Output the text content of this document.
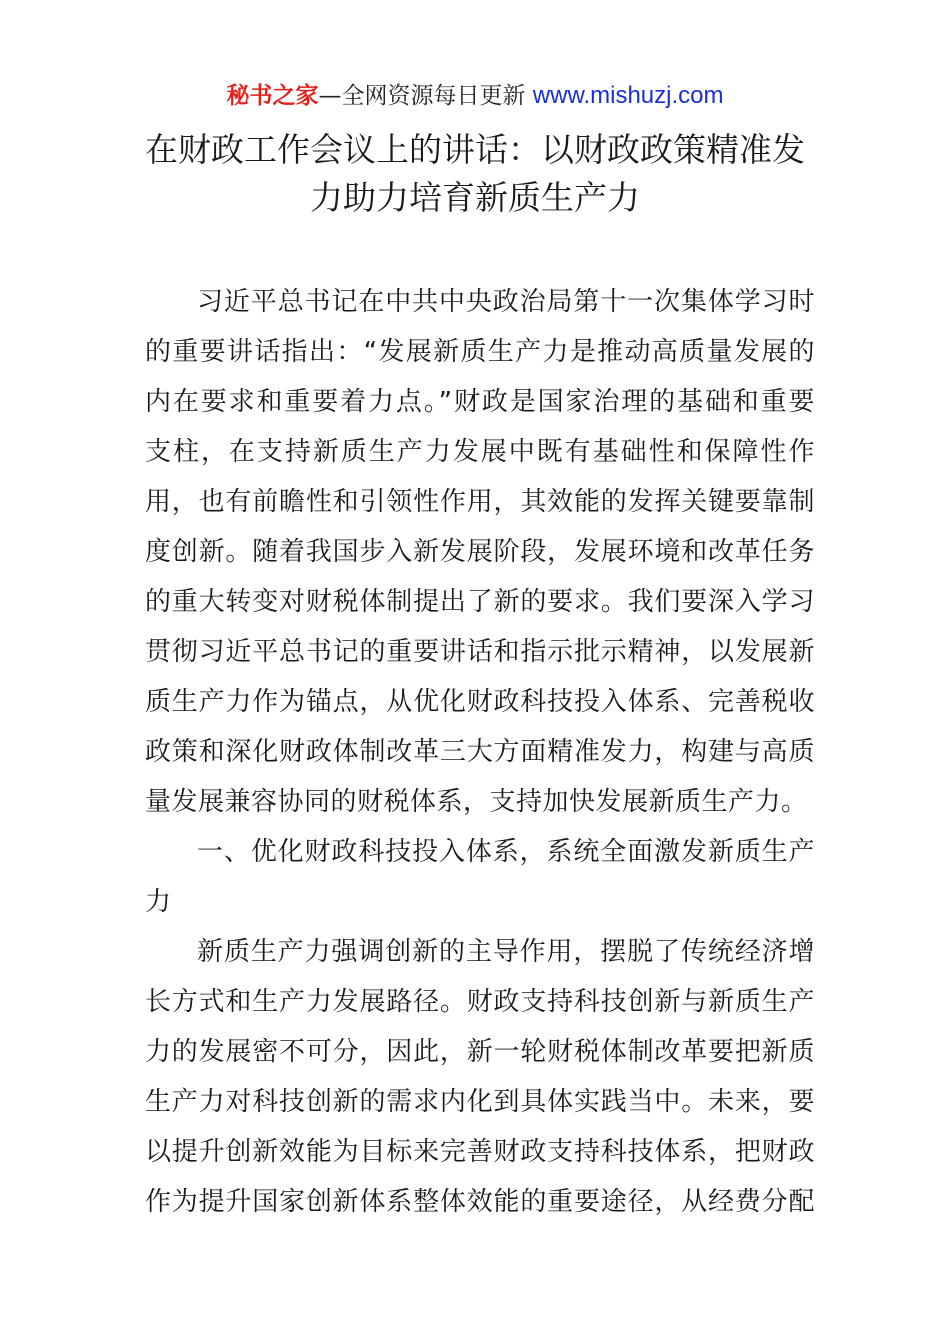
秘书之家—全网资源每日更新 www.mishuzj.com
在财政工作会议上的讲话：以财政政策精准发
力助力培育新质生产力
习近平总书记在中共中央政治局第十一次集体学习时
的重要讲话指出：“发展新质生产力是推动高质量发展的
内在要求和重要着力点。”财政是国家治理的基础和重要
支柱，在支持新质生产力发展中既有基础性和保障性作
用，也有前瞻性和引领性作用，其效能的发挥关键要靠制
度创新。随着我国步入新发展阶段，发展环境和改革任务
的重大转变对财税体制提出了新的要求。我们要深入学习
贯彻习近平总书记的重要讲话和指示批示精神，以发展新
质生产力作为锚点，从优化财政科技投入体系、完善税收
政策和深化财政体制改革三大方面精准发力，构建与高质
量发展兼容协同的财税体系，支持加快发展新质生产力。
一、优化财政科技投入体系，系统全面激发新质生产
力
新质生产力强调创新的主导作用，摆脱了传统经济增
长方式和生产力发展路径。财政支持科技创新与新质生产
力的发展密不可分，因此，新一轮财税体制改革要把新质
生产力对科技创新的需求内化到具体实践当中。未来，要
以提升创新效能为目标来完善财政支持科技体系，把财政
作为提升国家创新体系整体效能的重要途径，从经费分配
